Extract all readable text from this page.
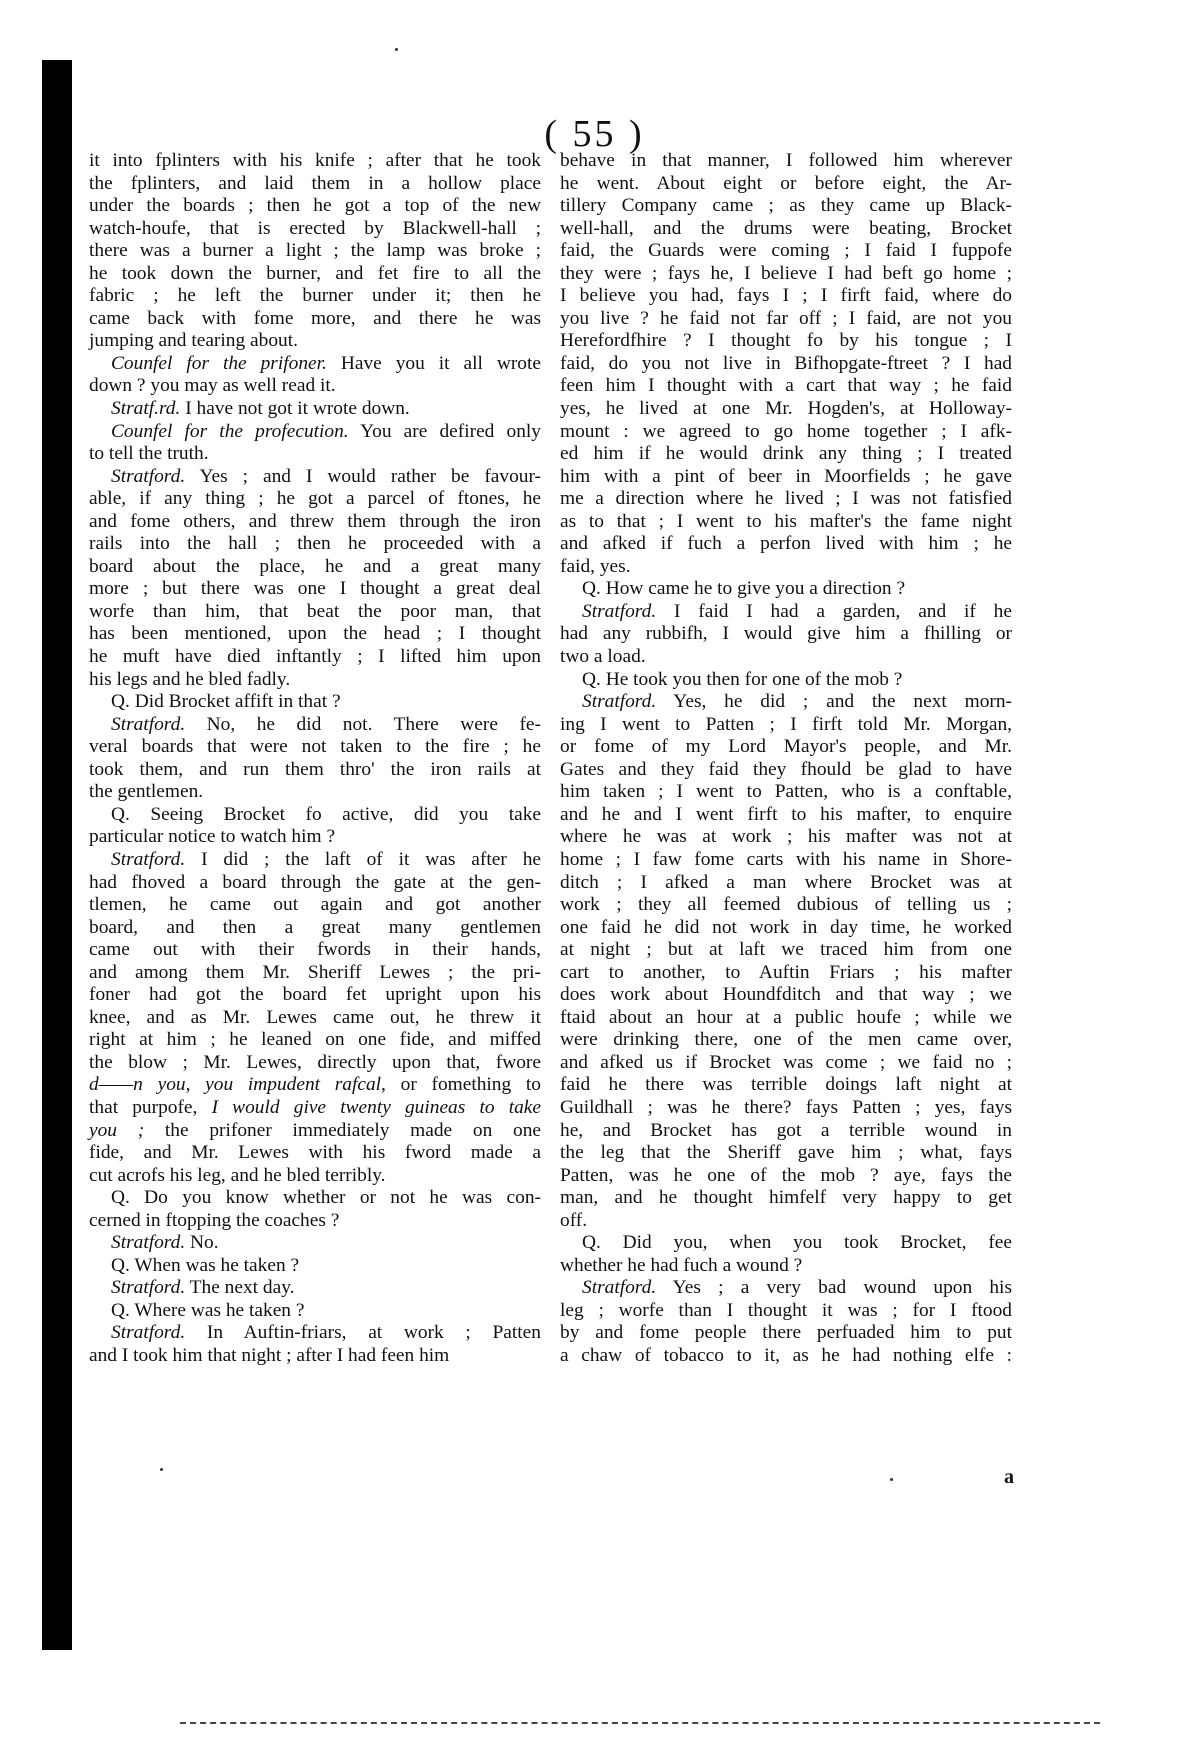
( 55 )
it into fplinters with his knife ; after that he took
the fplinters, and laid them in a hollow place
under the boards ; then he got a top of the new
watch-houfe, that is erected by Blackwell-hall ;
there was a burner a light ; the lamp was broke ;
he took down the burner, and fet fire to all the
fabric ; he left the burner under it; then he
came back with fome more, and there he was
jumping and tearing about.
Counfel for the prifoner. Have you it all wrote
down ? you may as well read it.
Stratf.rd. I have not got it wrote down.
Counfel for the profecution. You are defired only
to tell the truth.
Stratford. Yes ; and I would rather be favour-
able, if any thing ; he got a parcel of ftones, he
and fome others, and threw them through the iron
rails into the hall ; then he proceeded with a
board about the place, he and a great many
more ; but there was one I thought a great deal
worfe than him, that beat the poor man, that
has been mentioned, upon the head ; I thought
he muft have died inftantly ; I lifted him upon
his legs and he bled fadly.
Q. Did Brocket affift in that ?
Stratford. No, he did not. There were fe-
veral boards that were not taken to the fire ; he
took them, and run them thro' the iron rails at
the gentlemen.
Q. Seeing Brocket fo active, did you take
particular notice to watch him ?
Stratford. I did ; the laft of it was after he
had fhoved a board through the gate at the gen-
tlemen, he came out again and got another
board, and then a great many gentlemen
came out with their fwords in their hands,
and among them Mr. Sheriff Lewes ; the pri-
foner had got the board fet upright upon his
knee, and as Mr. Lewes came out, he threw it
right at him ; he leaned on one fide, and miffed
the blow ; Mr. Lewes, directly upon that, fwore
d——n you, you impudent rafcal, or fomething to
that purpofe, I would give twenty guineas to take
you ; the prifoner immediately made on one
fide, and Mr. Lewes with his fword made a
cut acrofs his leg, and he bled terribly.
Q. Do you know whether or not he was con-
cerned in ftopping the coaches ?
Stratford. No.
Q. When was he taken ?
Stratford. The next day.
Q. Where was he taken ?
Stratford. In Auftin-friars, at work ; Patten
and I took him that night ; after I had feen him
behave in that manner, I followed him wherever
he went. About eight or before eight, the Ar-
tillery Company came ; as they came up Black-
well-hall, and the drums were beating, Brocket
faid, the Guards were coming ; I faid I fuppofe
they were ; fays he, I believe I had beft go home ;
I believe you had, fays I ; I firft faid, where do
you live ? he faid not far off ; I faid, are not you
Herefordfhire ? I thought fo by his tongue ; I
faid, do you not live in Bifhopgate-ftreet ? I had
feen him I thought with a cart that way ; he faid
yes, he lived at one Mr. Hogden's, at Holloway-
mount : we agreed to go home together ; I afk-
ed him if he would drink any thing ; I treated
him with a pint of beer in Moorfields ; he gave
me a direction where he lived ; I was not fatisfied
as to that ; I went to his mafter's the fame night
and afked if fuch a perfon lived with him ; he
faid, yes.
Q. How came he to give you a direction ?
Stratford. I faid I had a garden, and if he
had any rubbifh, I would give him a fhilling or
two a load.
Q. He took you then for one of the mob ?
Stratford. Yes, he did ; and the next morn-
ing I went to Patten ; I firft told Mr. Morgan,
or fome of my Lord Mayor's people, and Mr.
Gates and they faid they fhould be glad to have
him taken ; I went to Patten, who is a conftable,
and he and I went firft to his mafter, to enquire
where he was at work ; his mafter was not at
home ; I faw fome carts with his name in Shore-
ditch ; I afked a man where Brocket was at
work ; they all feemed dubious of telling us ;
one faid he did not work in day time, he worked
at night ; but at laft we traced him from one
cart to another, to Auftin Friars ; his mafter
does work about Houndfditch and that way ; we
ftaid about an hour at a public houfe ; while we
were drinking there, one of the men came over,
and afked us if Brocket was come ; we faid no ;
faid he there was terrible doings laft night at
Guildhall ; was he there? fays Patten ; yes, fays
he, and Brocket has got a terrible wound in
the leg that the Sheriff gave him ; what, fays
Patten, was he one of the mob ? aye, fays the
man, and he thought himfelf very happy to get
off.
Q. Did you, when you took Brocket, fee
whether he had fuch a wound ?
Stratford. Yes ; a very bad wound upon his
leg ; worfe than I thought it was ; for I ftood
by and fome people there perfuaded him to put
a chaw of tobacco to it, as he had nothing elfe :
a
